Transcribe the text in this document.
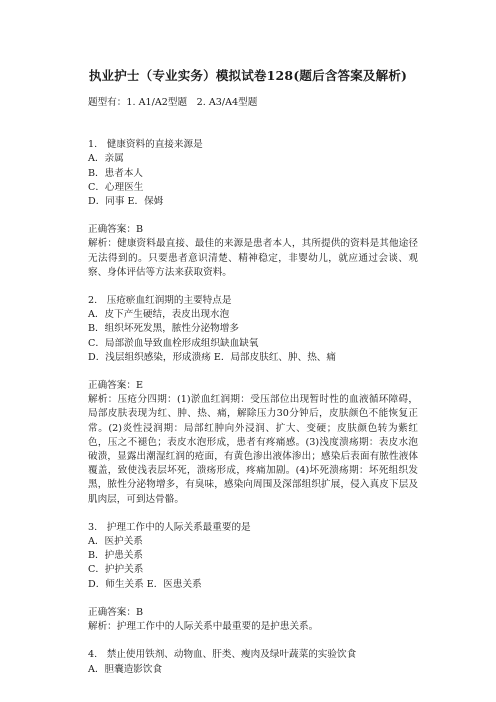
执业护士（专业实务）模拟试卷128(题后含答案及解析)
题型有：1. A1/A2型题　2. A3/A4型题
1.　健康资料的直接来源是
A．亲属
B．患者本人
C．心理医生
D．同事 E．保姆
正确答案：B
解析：健康资料最直接、最佳的来源是患者本人，其所提供的资料是其他途径无法得到的。只要患者意识清楚、精神稳定，非婴幼儿，就应通过会谈、观察、身体评估等方法来获取资料。
2.　压疮瘀血红润期的主要特点是
A．皮下产生硬结，表皮出现水泡
B．组织坏死发黑，脓性分泌物增多
C．局部淤血导致血栓形成组织缺血缺氧
D．浅层组织感染，形成溃疡 E．局部皮肤红、肿、热、痛
正确答案：E
解析：压疮分四期：(1)淤血红润期：受压部位出现暂时性的血液循环障碍，局部皮肤表现为红、肿、热、痛，解除压力30分钟后，皮肤颜色不能恢复正常。(2)炎性浸润期：局部红肿向外浸润、扩大、变硬；皮肤颜色转为紫红色，压之不褪色；表皮水泡形成，患者有疼痛感。(3)浅度溃疡期：表皮水泡破溃，显露出潮湿红润的疮面，有黄色渗出液体渗出；感染后表面有脓性液体覆盖，致使浅表层坏死，溃疡形成，疼痛加剧。(4)坏死溃疡期：坏死组织发黑，脓性分泌物增多，有臭味，感染向周围及深部组织扩展，侵入真皮下层及肌肉层，可到达骨骼。
3.　护理工作中的人际关系最重要的是
A．医护关系
B．护患关系
C．护护关系
D．师生关系 E．医患关系
正确答案：B
解析：护理工作中的人际关系中最重要的是护患关系。
4.　禁止使用铁剂、动物血、肝类、瘦肉及绿叶蔬菜的实验饮食
A．胆囊造影饮食
